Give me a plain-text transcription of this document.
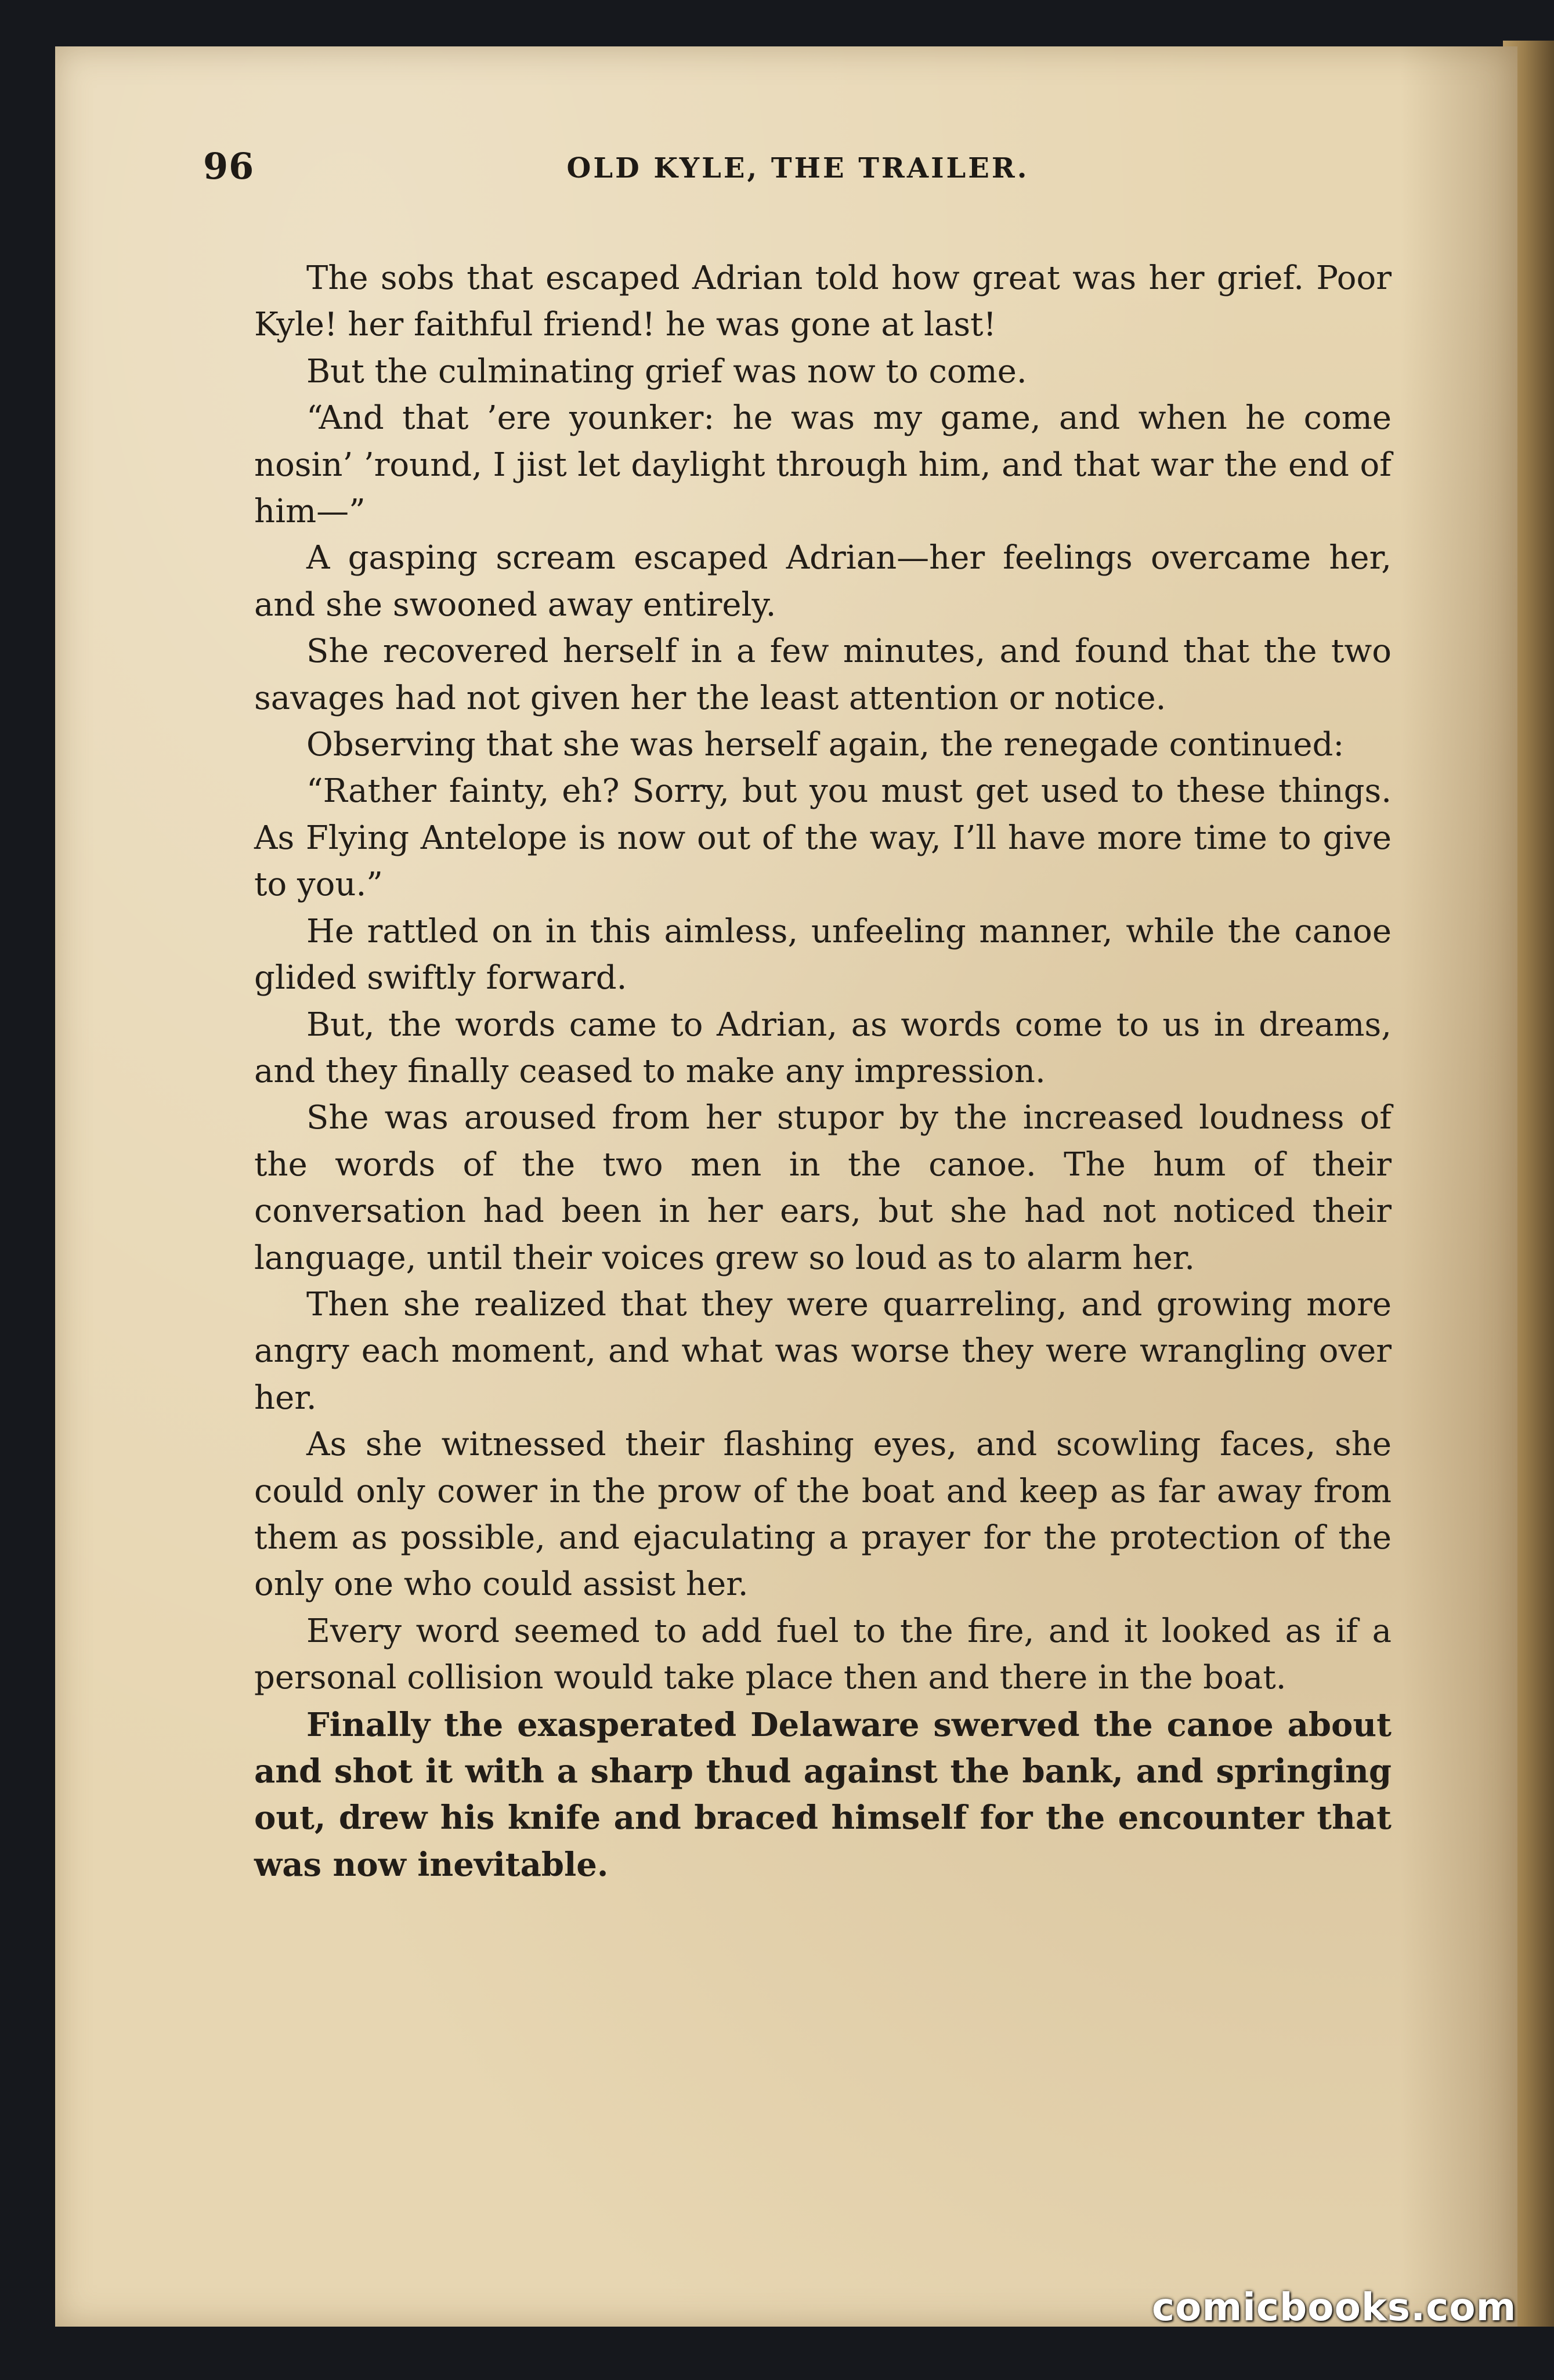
96	OLD KYLE, THE TRAILER.

The sobs that escaped Adrian told how great was her grief. Poor Kyle! her faithful friend! he was gone at last!

But the culminating grief was now to come.

“And that ’ere younker: he was my game, and when he come nosin’ ’round, I jist let daylight through him, and that war the end of him—”

A gasping scream escaped Adrian—her feelings overcame her, and she swooned away entirely.

She recovered herself in a few minutes, and found that the two savages had not given her the least attention or notice.

Observing that she was herself again, the renegade continued:

“Rather fainty, eh? Sorry, but you must get used to these things. As Flying Antelope is now out of the way, I’ll have more time to give to you.”

He rattled on in this aimless, unfeeling manner, while the canoe glided swiftly forward.

But, the words came to Adrian, as words come to us in dreams, and they finally ceased to make any impression.

She was aroused from her stupor by the increased loudness of the words of the two men in the canoe. The hum of their conversation had been in her ears, but she had not noticed their language, until their voices grew so loud as to alarm her.

Then she realized that they were quarreling, and growing more angry each moment, and what was worse they were wrangling over her.

As she witnessed their flashing eyes, and scowling faces, she could only cower in the prow of the boat and keep as far away from them as possible, and ejaculating a prayer for the protection of the only one who could assist her.

Every word seemed to add fuel to the fire, and it looked as if a personal collision would take place then and there in the boat.

Finally the exasperated Delaware swerved the canoe about and shot it with a sharp thud against the bank, and springing out, drew his knife and braced himself for the encounter that was now inevitable.

comicbooks.com
